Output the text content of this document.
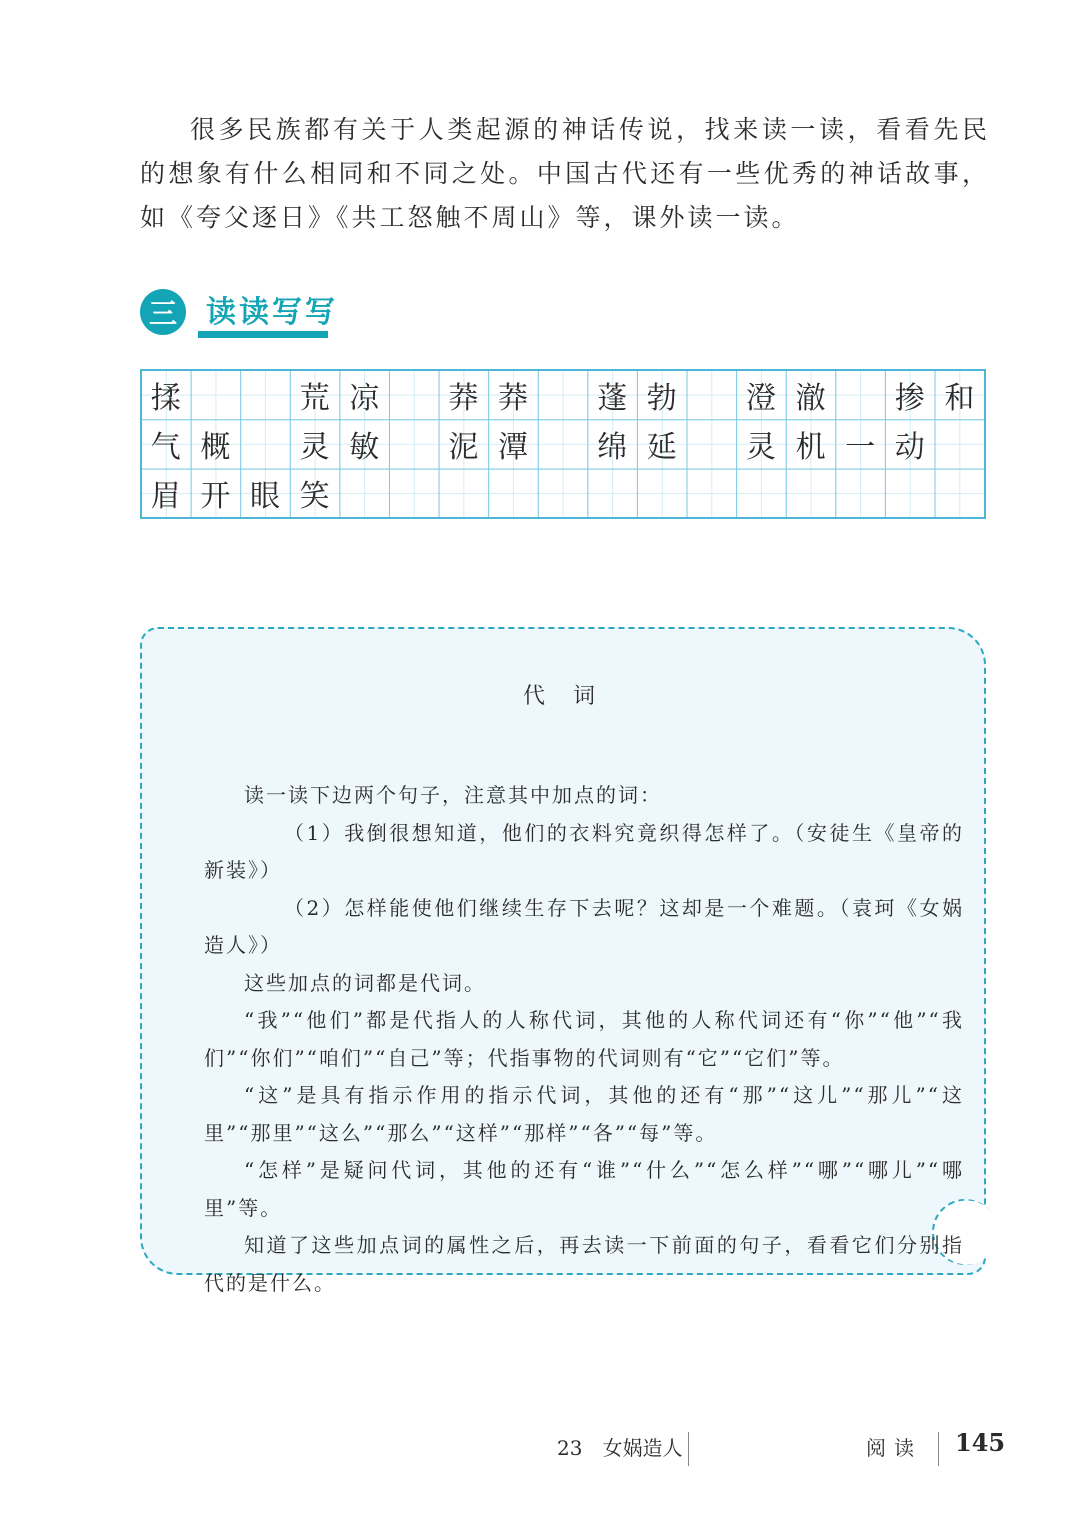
很多民族都有关于人类起源的神话传说，找来读一读，看看先民的想象有什么相同和不同之处。中国古代还有一些优秀的神话故事，如《夸父逐日》《共工怒触不周山》等，课外读一读。

三 读读写写
揉	荒 凉	莽 莽	蓬 勃	澄 澈	掺 和
气 概	灵 敏	泥 潭	绵 延	灵 机 一 动
眉 开 眼 笑
代词

读一读下边两个句子，注意其中加点的词：

（1）我倒很想知道，他们的衣料究竟织得怎样了。（安徒生《皇帝的新装》）

（2）怎样能使他们继续生存下去呢？这却是一个难题。（袁珂《女娲造人》）

这些加点的词都是代词。

“我”“他们”都是代指人的人称代词，其他的人称代词还有“你”“他”“我们”“你们”“咱们”“自己”等；代指事物的代词则有“它”“它们”等。

“这”是具有指示作用的指示代词，其他的还有“那”“这儿”“那儿”“这里”“那里”“这么”“那么”“这样”“那样”“各”“每”等。

“怎样”是疑问代词，其他的还有“谁”“什么”“怎么样”“哪”“哪儿”“哪里”等。

知道了这些加点词的属性之后，再去读一下前面的句子，看看它们分别指代的是什么。

23　女娲造人	阅读 145
